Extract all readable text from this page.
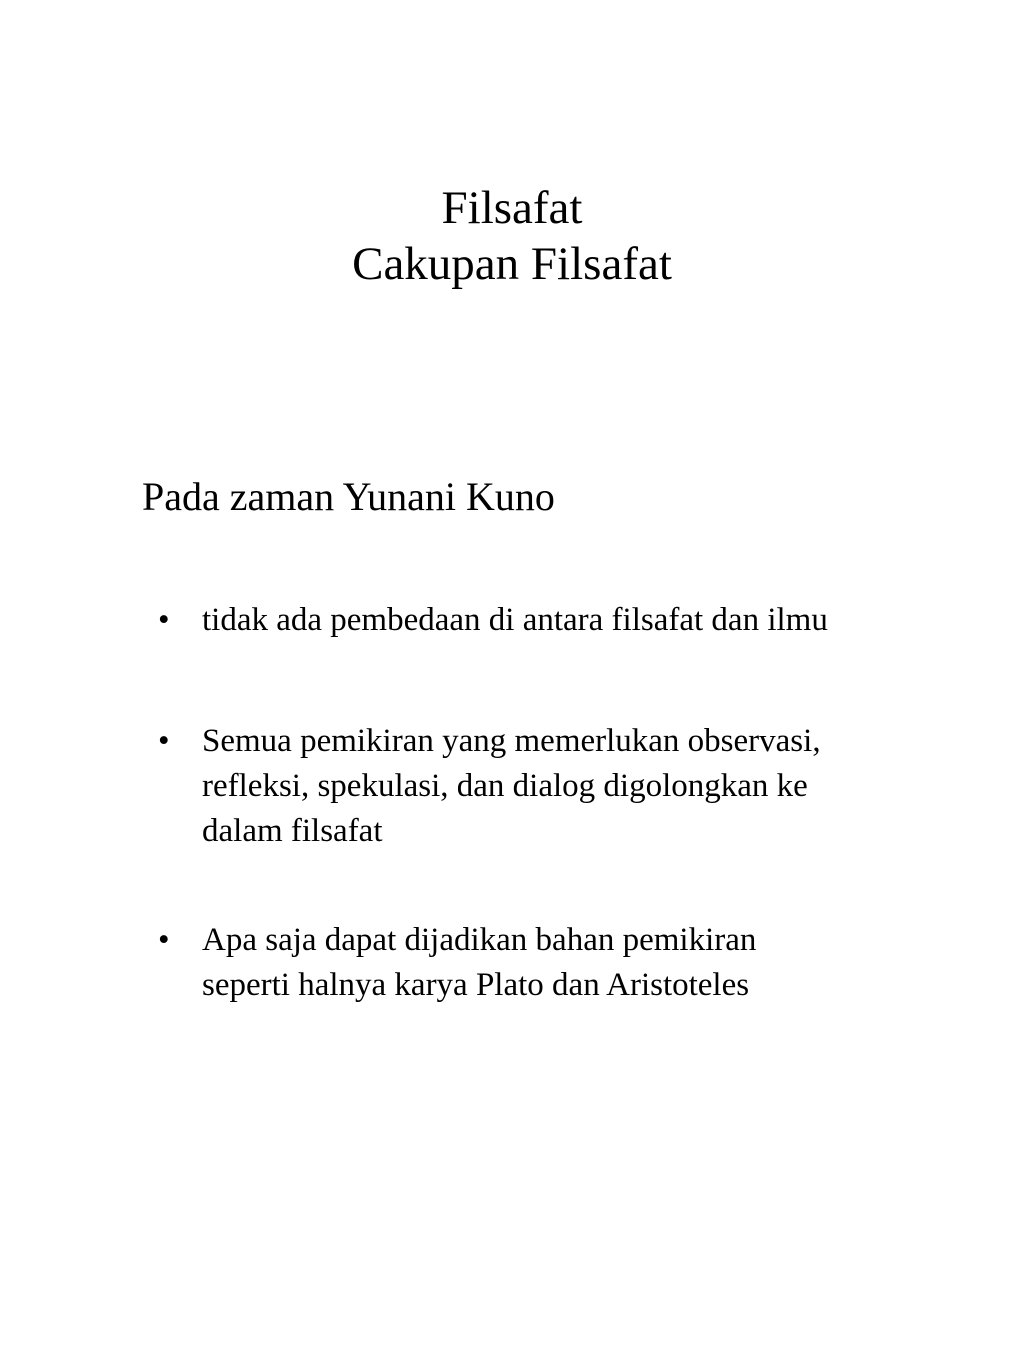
Filsafat
Cakupan Filsafat
Pada zaman Yunani Kuno
• tidak ada pembedaan di antara filsafat dan ilmu
• Semua pemikiran yang memerlukan observasi,
refleksi, spekulasi, dan dialog digolongkan ke
dalam filsafat
• Apa saja dapat dijadikan bahan pemikiran
seperti halnya karya Plato dan Aristoteles
